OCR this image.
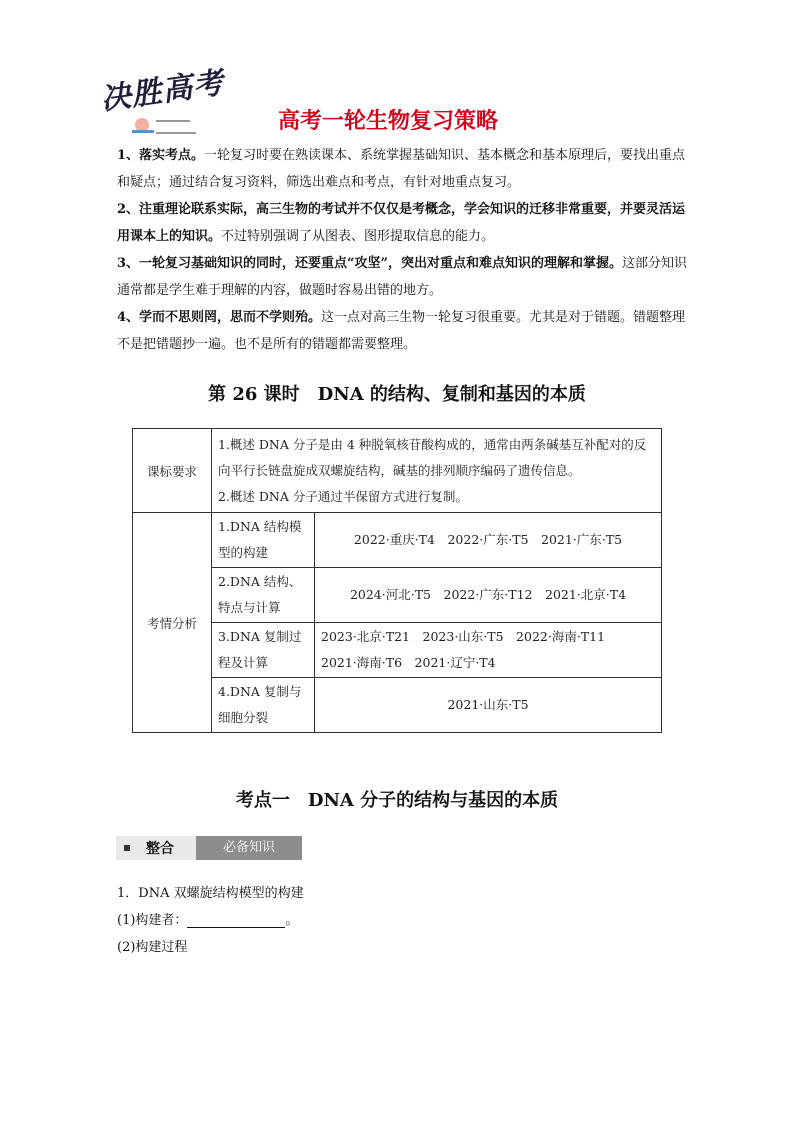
决胜高考
高考一轮生物复习策略

1、落实考点。一轮复习时要在熟读课本、系统掌握基础知识、基本概念和基本原理后，要找出重点和疑点；通过结合复习资料，筛选出难点和考点，有针对地重点复习。

2、注重理论联系实际，高三生物的考试并不仅仅是考概念，学会知识的迁移非常重要，并要灵活运用课本上的知识。不过特别强调了从图表、图形提取信息的能力。

3、一轮复习基础知识的同时，还要重点“攻坚”，突出对重点和难点知识的理解和掌握。这部分知识通常都是学生难于理解的内容，做题时容易出错的地方。

4、学而不思则罔，思而不学则殆。这一点对高三生物一轮复习很重要。尤其是对于错题。错题整理不是把错题抄一遍。也不是所有的错题都需要整理。

第 26 课时　DNA 的结构、复制和基因的本质
课标要求	1.概述 DNA 分子是由 4 种脱氧核苷酸构成的，通常由两条碱基互补配对的反向平行长链盘旋成双螺旋结构，碱基的排列顺序编码了遗传信息。
2.概述 DNA 分子通过半保留方式进行复制。	

考情分析	1.DNA 结构模型的构建	2022·重庆·T4　2022·广东·T5　2021·广东·T5

	2.DNA 结构、特点与计算	2024·河北·T5　2022·广东·T12　2021·北京·T4

	3.DNA 复制过程及计算	2023·北京·T21　2023·山东·T5　2022·海南·T11
2021·海南·T6　2021·辽宁·T4

	4.DNA 复制与细胞分裂	2021·山东·T5
考点一　DNA 分子的结构与基因的本质
整合	必备知识

1．DNA 双螺旋结构模型的构建

(1)构建者：	。

(2)构建过程
